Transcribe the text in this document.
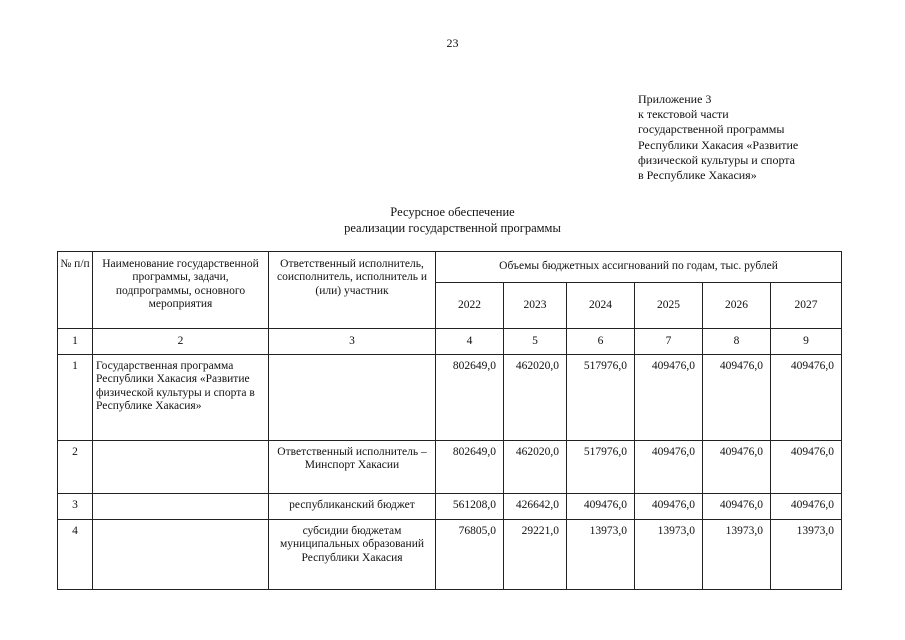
23
Приложение 3
к текстовой части
государственной программы
Республики Хакасия «Развитие
физической культуры и спорта
в Республике Хакасия»
Ресурсное обеспечение
реализации государственной программы
№ п/п	Наименование государственной программы, задачи, подпрограммы, основного мероприятия	Ответственный исполнитель, соисполнитель, исполнитель и (или) участник	Объемы бюджетных ассигнований по годам, тыс. рублей					
			2022	2023	2024	2025	2026	2027
1	2	3	4	5	6	7	8	9
1	Государственная программа Республики Хакасия «Развитие физической культуры и спорта в Республике Хакасия»		802649,0	462020,0	517976,0	409476,0	409476,0	409476,0
2		Ответственный исполнитель – Минспорт Хакасии	802649,0	462020,0	517976,0	409476,0	409476,0	409476,0
3		республиканский бюджет	561208,0	426642,0	409476,0	409476,0	409476,0	409476,0
4		субсидии бюджетам муниципальных образований Республики Хакасия	76805,0	29221,0	13973,0	13973,0	13973,0	13973,0
